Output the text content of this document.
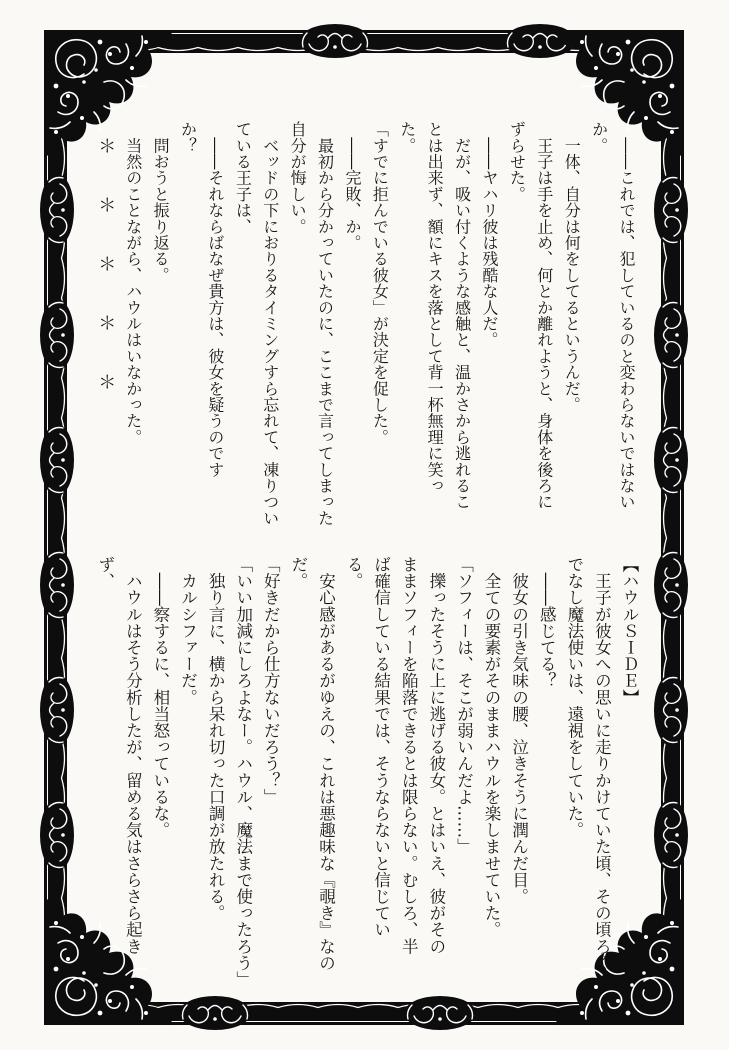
　――これでは、犯しているのと変わらないではない

か。

　一体、自分は何をしてるというんだ。

　王子は手を止め、何とか離れようと、身体を後ろに

ずらせた。

　――ヤハリ彼は残酷な人だ。

　だが、吸い付くような感触と、温かさから逃れるこ

とは出来ず、額にキスを落として背一杯無理に笑っ

た。

「すでに拒んでいる彼女」が決定を促した。

　――完敗、か。

　最初から分かっていたのに、ここまで言ってしまった

自分が悔しい。

　ベッドの下におりるタイミングすら忘れて、凍りつい

ている王子は、

　――それならばなぜ貴方は、彼女を疑うのです

か？

　問おうと振り返る。

　当然のことながら、ハウルはいなかった。

＊＊＊＊＊

【ハウルＳＩＤＥ】

　王子が彼女への思いに走りかけていた頃、その頃ろく

でなし魔法使いは、遠視をしていた。

　――感じてる？

　彼女の引き気味の腰、泣きそうに潤んだ目。

　全ての要素がそのままハウルを楽しませていた。

「ソフィーは、そこが弱いんだよ……」

　擽ったそうに上に逃げる彼女。とはいえ、彼がその

ままソフィーを陥落できるとは限らない。むしろ、半

ば確信している結果では、そうならないと信じてい

る。

　安心感があるがゆえの、これは悪趣味な『覗き』なの

だ。

「好きだから仕方ないだろう？」

「いい加減にしろよなー。ハウル、魔法まで使ったろう」

　独り言に、横から呆れ切った口調が放たれる。

　カルシファーだ。

　――察するに、相当怒っているな。

　ハウルはそう分析したが、留める気はさらさら起き

ず、
